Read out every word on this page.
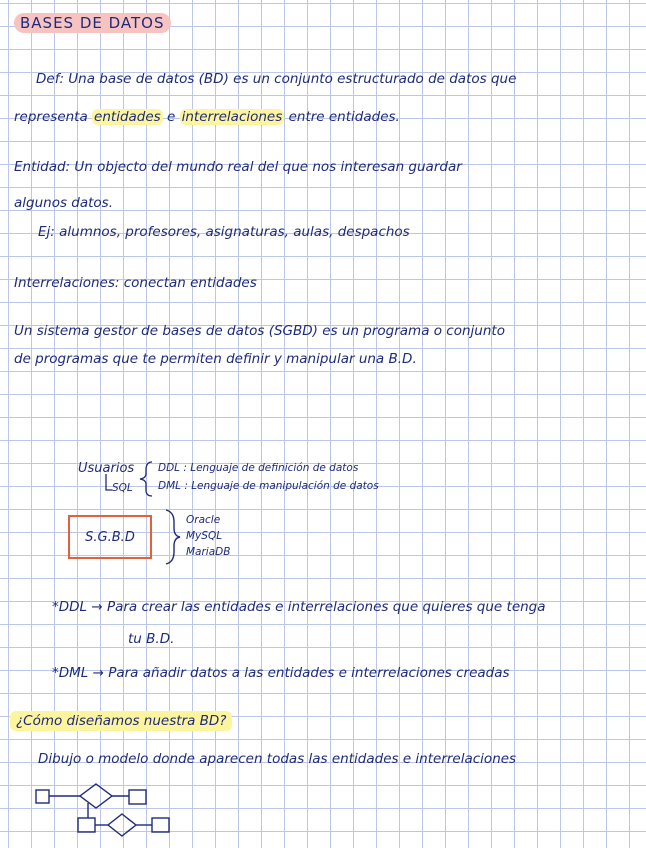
BASES DE DATOS
Def: Una base de datos (BD) es un conjunto estructurado de datos que
representa entidades e interrelaciones entre entidades.
Entidad: Un objecto del mundo real del que nos interesan guardar
algunos datos.
Ej: alumnos, profesores, asignaturas, aulas, despachos
Interrelaciones: conectan entidades
Un sistema gestor de bases de datos (SGBD) es un programa o conjunto
de programas que te permiten definir y manipular una B.D.
Usuarios
SQL
DDL : Lenguaje de definición de datos
DML : Lenguaje de manipulación de datos
S.G.B.D
Oracle
MySQL
MariaDB
*DDL → Para crear las entidades e interrelaciones que quieres que tenga
tu B.D.
*DML → Para añadir datos a las entidades e interrelaciones creadas
¿Cómo diseñamos nuestra BD?
Dibujo o modelo donde aparecen todas las entidades e interrelaciones
